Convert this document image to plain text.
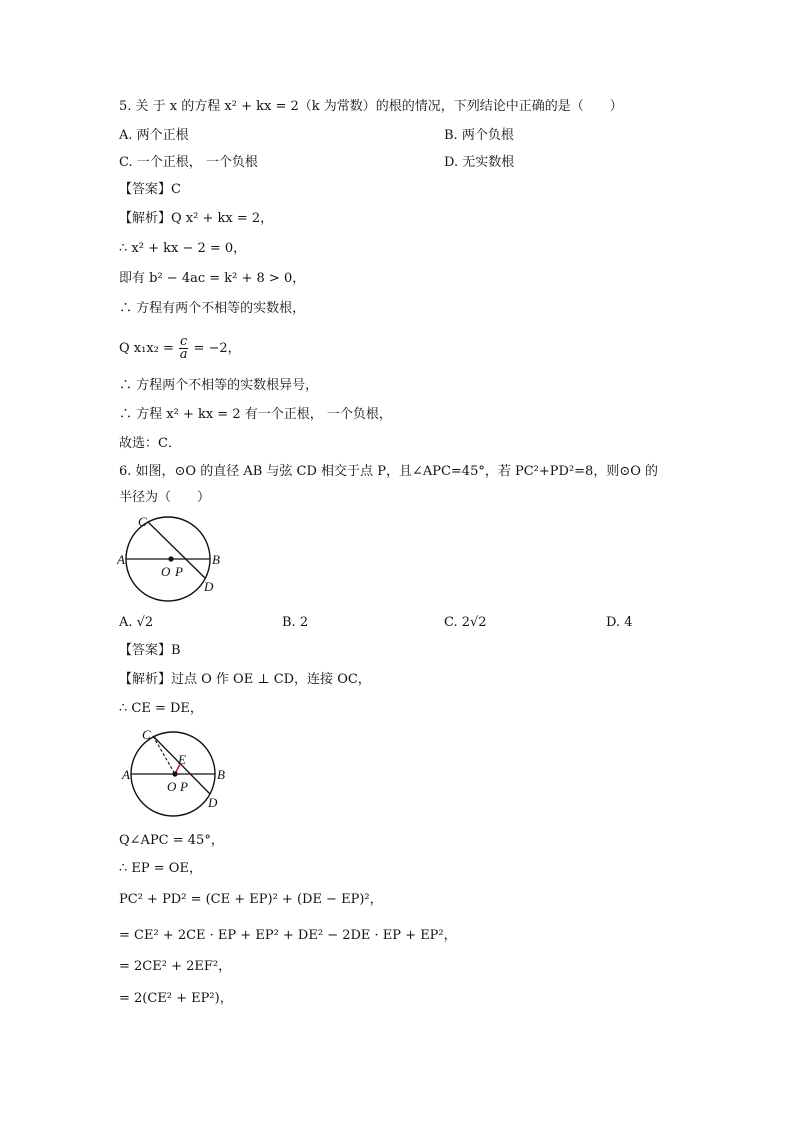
5. 关 于 x 的方程 x² + kx = 2（k 为常数）的根的情况，下列结论中正确的是（　　）
A. 两个正根	B. 两个负根
C. 一个正根， 一个负根	D. 无实数根
【答案】C
【解析】Q x² + kx = 2，
∴ x² + kx − 2 = 0，
即有 b² − 4ac = k² + 8 > 0，
∴ 方程有两个不相等的实数根，
Q $x_1x_2 = \frac{c}{a} = -2$，
∴ 方程两个不相等的实数根异号，
∴ 方程 x² + kx = 2 有一个正根， 一个负根，
故选：C．
6. 如图，⊙O 的直径 AB 与弦 CD 相交于点 P，且∠APC=45°，若 PC²+PD²=8，则⊙O 的
半径为（　　）
A	B
C
D
O P
A. √2	B. 2	C. 2√2	D. 4
【答案】B
【解析】过点 O 作 OE ⊥ CD，连接 OC，
∴ CE = DE，
A	B
C
D
E
O P
Q∠APC = 45°，
∴ EP = OE，
PC² + PD² = (CE + EP)² + (DE − EP)²，
= CE² + 2CE · EP + EP² + DE² − 2DE · EP + EP²，
= 2CE² + 2EF²，
= 2(CE² + EP²)，
